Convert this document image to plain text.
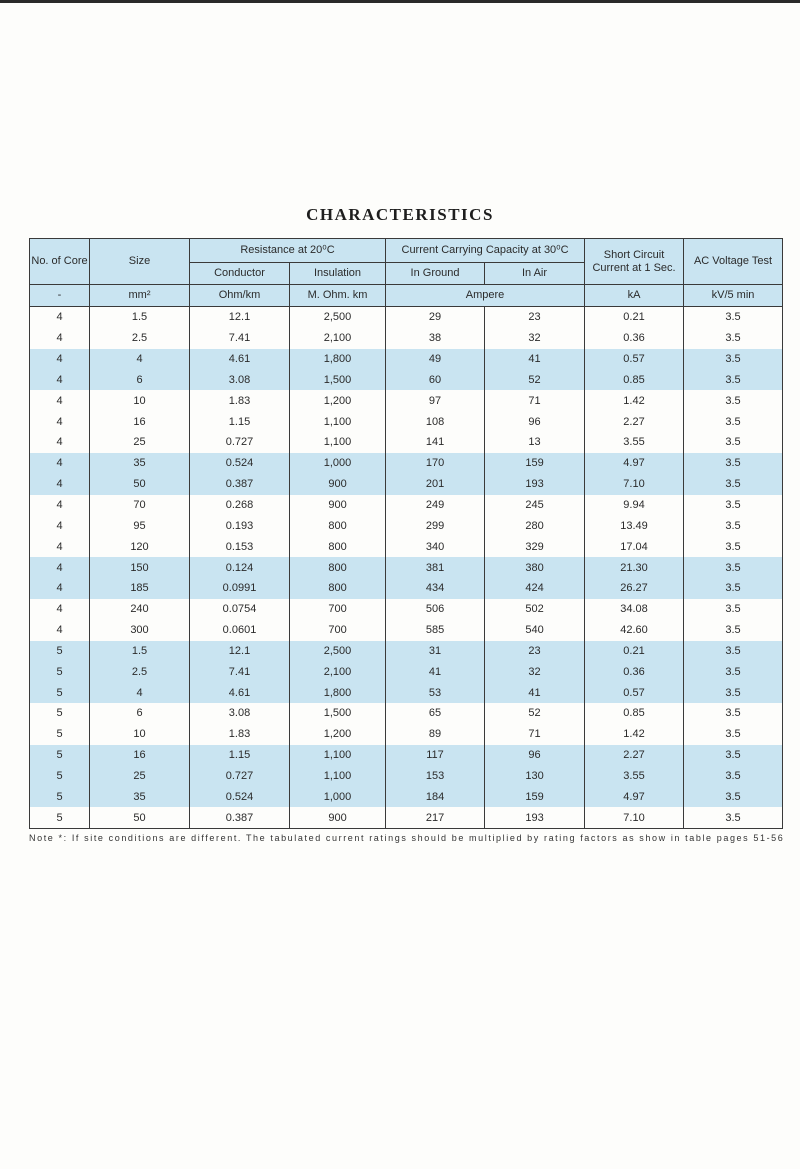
CHARACTERISTICS
No. of Core	Size	Resistance at 20⁰C		Current Carrying Capacity at 30⁰C		Short Circuit Current at 1 Sec.	AC Voltage Test
		Conductor	Insulation	In Ground	In Air		
-	mm²	Ohm/km	M. Ohm. km	Ampere		kA	kV/5 min
4	1.5	12.1	2,500	29	23	0.21	3.5
4	2.5	7.41	2,100	38	32	0.36	3.5
4	4	4.61	1,800	49	41	0.57	3.5
4	6	3.08	1,500	60	52	0.85	3.5
4	10	1.83	1,200	97	71	1.42	3.5
4	16	1.15	1,100	108	96	2.27	3.5
4	25	0.727	1,100	141	13	3.55	3.5
4	35	0.524	1,000	170	159	4.97	3.5
4	50	0.387	900	201	193	7.10	3.5
4	70	0.268	900	249	245	9.94	3.5
4	95	0.193	800	299	280	13.49	3.5
4	120	0.153	800	340	329	17.04	3.5
4	150	0.124	800	381	380	21.30	3.5
4	185	0.0991	800	434	424	26.27	3.5
4	240	0.0754	700	506	502	34.08	3.5
4	300	0.0601	700	585	540	42.60	3.5
5	1.5	12.1	2,500	31	23	0.21	3.5
5	2.5	7.41	2,100	41	32	0.36	3.5
5	4	4.61	1,800	53	41	0.57	3.5
5	6	3.08	1,500	65	52	0.85	3.5
5	10	1.83	1,200	89	71	1.42	3.5
5	16	1.15	1,100	117	96	2.27	3.5
5	25	0.727	1,100	153	130	3.55	3.5
5	35	0.524	1,000	184	159	4.97	3.5
5	50	0.387	900	217	193	7.10	3.5
Note *: If site conditions are different. The tabulated current ratings should be multiplied by rating factors as show in table pages 51-56
